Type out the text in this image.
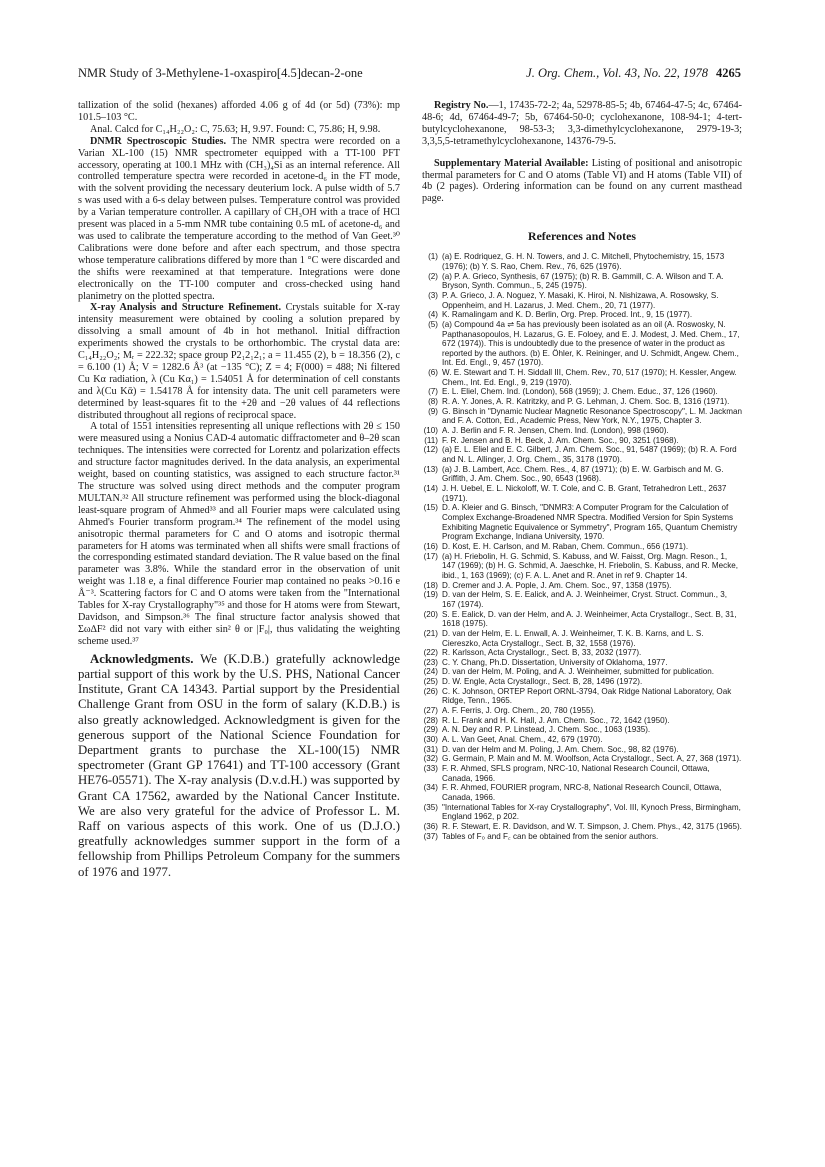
NMR Study of 3-Methylene-1-oxaspiro[4.5]decan-2-one	J. Org. Chem., Vol. 43, No. 22, 1978 4265

tallization of the solid (hexanes) afforded 4.06 g of 4d (or 5d) (73%): mp 101.5–103 °C.

Anal. Calcd for C₁₄H₂₂O₂: C, 75.63; H, 9.97. Found: C, 75.86; H, 9.98.

DNMR Spectroscopic Studies. The NMR spectra were recorded on a Varian XL-100 (15) NMR spectrometer equipped with a TT-100 PFT accessory, operating at 100.1 MHz with (CH₃)₄Si as an internal reference. All controlled temperature spectra were recorded in acetone-d₆ in the FT mode, with the solvent providing the necessary deuterium lock. A pulse width of 5.7 s was used with a 6-s delay between pulses. Temperature control was provided by a Varian temperature controller. A capillary of CH₃OH with a trace of HCl present was placed in a 5-mm NMR tube containing 0.5 mL of acetone-d₆ and was used to calibrate the temperature according to the method of Van Geet.³⁰ Calibrations were done before and after each spectrum, and those spectra whose temperature calibrations differed by more than 1 °C were discarded and the shifts were reexamined at that temperature. Integrations were done electronically on the TT-100 computer and cross-checked using hand planimetry on the plotted spectra.

X-ray Analysis and Structure Refinement. Crystals suitable for X-ray intensity measurement were obtained by cooling a solution prepared by dissolving a small amount of 4b in hot methanol. Initial diffraction experiments showed the crystals to be orthorhombic. The crystal data are: C₁₄H₂₂O₂; Mᵣ = 222.32; space group P2₁2₁2₁; a = 11.455 (2), b = 18.356 (2), c = 6.100 (1) Å; V = 1282.6 Å³ (at −135 °C); Z = 4; F(000) = 488; Ni filtered Cu Kα radiation, λ (Cu Kα₁) = 1.54051 Å for determination of cell constants and λ(Cu Kᾱ) = 1.54178 Å for intensity data. The unit cell parameters were determined by least-squares fit to the +2θ and −2θ values of 44 reflections distributed throughout all regions of reciprocal space.

A total of 1551 intensities representing all unique reflections with 2θ ≤ 150 were measured using a Nonius CAD-4 automatic diffractometer and θ–2θ scan techniques. The intensities were corrected for Lorentz and polarization effects and structure factor magnitudes derived. In the data analysis, an experimental weight, based on counting statistics, was assigned to each structure factor.³¹ The structure was solved using direct methods and the computer program MULTAN.³² All structure refinement was performed using the block-diagonal least-square program of Ahmed³³ and all Fourier maps were calculated using Ahmed's Fourier transform program.³⁴ The refinement of the model using anisotropic thermal parameters for C and O atoms and isotropic thermal parameters for H atoms was terminated when all shifts were small fractions of the corresponding estimated standard deviation. The R value based on the final parameter was 3.8%. While the standard error in the observation of unit weight was 1.18 e, a final difference Fourier map contained no peaks >0.16 e Å⁻³. Scattering factors for C and O atoms were taken from the "International Tables for X-ray Crystallography"³⁵ and those for H atoms were from Stewart, Davidson, and Simpson.³⁶ The final structure factor analysis showed that Σω∆F² did not vary with either sin² θ or |F₀|, thus validating the weighting scheme used.³⁷

Acknowledgments. We (K.D.B.) gratefully acknowledge partial support of this work by the U.S. PHS, National Cancer Institute, Grant CA 14343. Partial support by the Presidential Challenge Grant from OSU in the form of salary (K.D.B.) is also greatly acknowledged. Acknowledgment is given for the generous support of the National Science Foundation for Department grants to purchase the XL-100(15) NMR spectrometer (Grant GP 17641) and TT-100 accessory (Grant HE76-05571). The X-ray analysis (D.v.d.H.) was supported by Grant CA 17562, awarded by the National Cancer Institute. We are also very grateful for the advice of Professor L. M. Raff on various aspects of this work. One of us (D.J.O.) greatfully acknowledges summer support in the form of a fellowship from Phillips Petroleum Company for the summers of 1976 and 1977.

Registry No.—1, 17435-72-2; 4a, 52978-85-5; 4b, 67464-47-5; 4c, 67464-48-6; 4d, 67464-49-7; 5b, 67464-50-0; cyclohexanone, 108-94-1; 4-tert-butylcyclohexanone, 98-53-3; 3,3-dimethylcyclohexanone, 2979-19-3; 3,3,5,5-tetramethylcyclohexanone, 14376-79-5.

Supplementary Material Available: Listing of positional and anisotropic thermal parameters for C and O atoms (Table VI) and H atoms (Table VII) of 4b (2 pages). Ordering information can be found on any current masthead page.

References and Notes
(1) (a) E. Rodriquez, G. H. N. Towers, and J. C. Mitchell, Phytochemistry, 15, 1573 (1976); (b) Y. S. Rao, Chem. Rev., 76, 625 (1976).
(2) (a) P. A. Grieco, Synthesis, 67 (1975); (b) R. B. Gammill, C. A. Wilson and T. A. Bryson, Synth. Commun., 5, 245 (1975).
(3) P. A. Grieco, J. A. Noguez, Y. Masaki, K. Hiroi, N. Nishizawa, A. Rosowsky, S. Oppenheim, and H. Lazarus, J. Med. Chem., 20, 71 (1977).
(4) K. Ramalingam and K. D. Berlin, Org. Prep. Proced. Int., 9, 15 (1977).
(5) (a) Compound 4a ⇌ 5a has previously been isolated as an oil (A. Roswosky, N. Papthanasopoulos, H. Lazarus, G. E. Foloey, and E. J. Modest, J. Med. Chem., 17, 672 (1974)). This is undoubtedly due to the presence of water in the product as reported by the authors. (b) E. Öhler, K. Reininger, and U. Schmidt, Angew. Chem., Int. Ed. Engl., 9, 457 (1970).
(6) W. E. Stewart and T. H. Siddall III, Chem. Rev., 70, 517 (1970); H. Kessler, Angew. Chem., Int. Ed. Engl., 9, 219 (1970).
(7) E. L. Eliel, Chem. Ind. (London), 568 (1959); J. Chem. Educ., 37, 126 (1960).
(8) R. A. Y. Jones, A. R. Katritzky, and P. G. Lehman, J. Chem. Soc. B, 1316 (1971).
(9) G. Binsch in "Dynamic Nuclear Magnetic Resonance Spectroscopy", L. M. Jackman and F. A. Cotton, Ed., Academic Press, New York, N.Y., 1975, Chapter 3.
(10) A. J. Berlin and F. R. Jensen, Chem. Ind. (London), 998 (1960).
(11) F. R. Jensen and B. H. Beck, J. Am. Chem. Soc., 90, 3251 (1968).
(12) (a) E. L. Eliel and E. C. Gilbert, J. Am. Chem. Soc., 91, 5487 (1969); (b) R. A. Ford and N. L. Allinger, J. Org. Chem., 35, 3178 (1970).
(13) (a) J. B. Lambert, Acc. Chem. Res., 4, 87 (1971); (b) E. W. Garbisch and M. G. Griffith, J. Am. Chem. Soc., 90, 6543 (1968).
(14) J. H. Uebel, E. L. Nickoloff, W. T. Cole, and C. B. Grant, Tetrahedron Lett., 2637 (1971).
(15) D. A. Kleier and G. Binsch, "DNMR3: A Computer Program for the Calculation of Complex Exchange-Broadened NMR Spectra. Modified Version for Spin Systems Exhibiting Magnetic Equivalence or Symmetry", Program 165, Quantum Chemistry Program Exchange, Indiana University, 1970.
(16) D. Kost, E. H. Carlson, and M. Raban, Chem. Commun., 656 (1971).
(17) (a) H. Friebolin, H. G. Schmid, S. Kabuss, and W. Faisst, Org. Magn. Reson., 1, 147 (1969); (b) H. G. Schmid, A. Jaeschke, H. Friebolin, S. Kabuss, and R. Mecke, ibid., 1, 163 (1969); (c) F. A. L. Anet and R. Anet in ref 9. Chapter 14.
(18) D. Cremer and J. A. Pople, J. Am. Chem. Soc., 97, 1358 (1975).
(19) D. van der Helm, S. E. Ealick, and A. J. Weinheimer, Cryst. Struct. Commun., 3, 167 (1974).
(20) S. E. Ealick, D. van der Helm, and A. J. Weinheimer, Acta Crystallogr., Sect. B, 31, 1618 (1975).
(21) D. van der Helm, E. L. Enwall, A. J. Weinheimer, T. K. B. Karns, and L. S. Ciereszko, Acta Crystallogr., Sect. B, 32, 1558 (1976).
(22) R. Karlsson, Acta Crystallogr., Sect. B, 33, 2032 (1977).
(23) C. Y. Chang, Ph.D. Dissertation, University of Oklahoma, 1977.
(24) D. van der Helm, M. Poling, and A. J. Weinheimer, submitted for publication.
(25) D. W. Engle, Acta Crystallogr., Sect. B, 28, 1496 (1972).
(26) C. K. Johnson, ORTEP Report ORNL-3794, Oak Ridge National Laboratory, Oak Ridge, Tenn., 1965.
(27) A. F. Ferris, J. Org. Chem., 20, 780 (1955).
(28) R. L. Frank and H. K. Hall, J. Am. Chem. Soc., 72, 1642 (1950).
(29) A. N. Dey and R. P. Linstead, J. Chem. Soc., 1063 (1935).
(30) A. L. Van Geet, Anal. Chem., 42, 679 (1970).
(31) D. van der Helm and M. Poling, J. Am. Chem. Soc., 98, 82 (1976).
(32) G. Germain, P. Main and M. M. Woolfson, Acta Crystallogr., Sect. A, 27, 368 (1971).
(33) F. R. Ahmed, SFLS program, NRC-10, National Research Council, Ottawa, Canada, 1966.
(34) F. R. Ahmed, FOURIER program, NRC-8, National Research Council, Ottawa, Canada, 1966.
(35) "International Tables for X-ray Crystallography", Vol. III, Kynoch Press, Birmingham, England 1962, p 202.
(36) R. F. Stewart, E. R. Davidson, and W. T. Simpson, J. Chem. Phys., 42, 3175 (1965).
(37) Tables of F₀ and F꜀ can be obtained from the senior authors.
